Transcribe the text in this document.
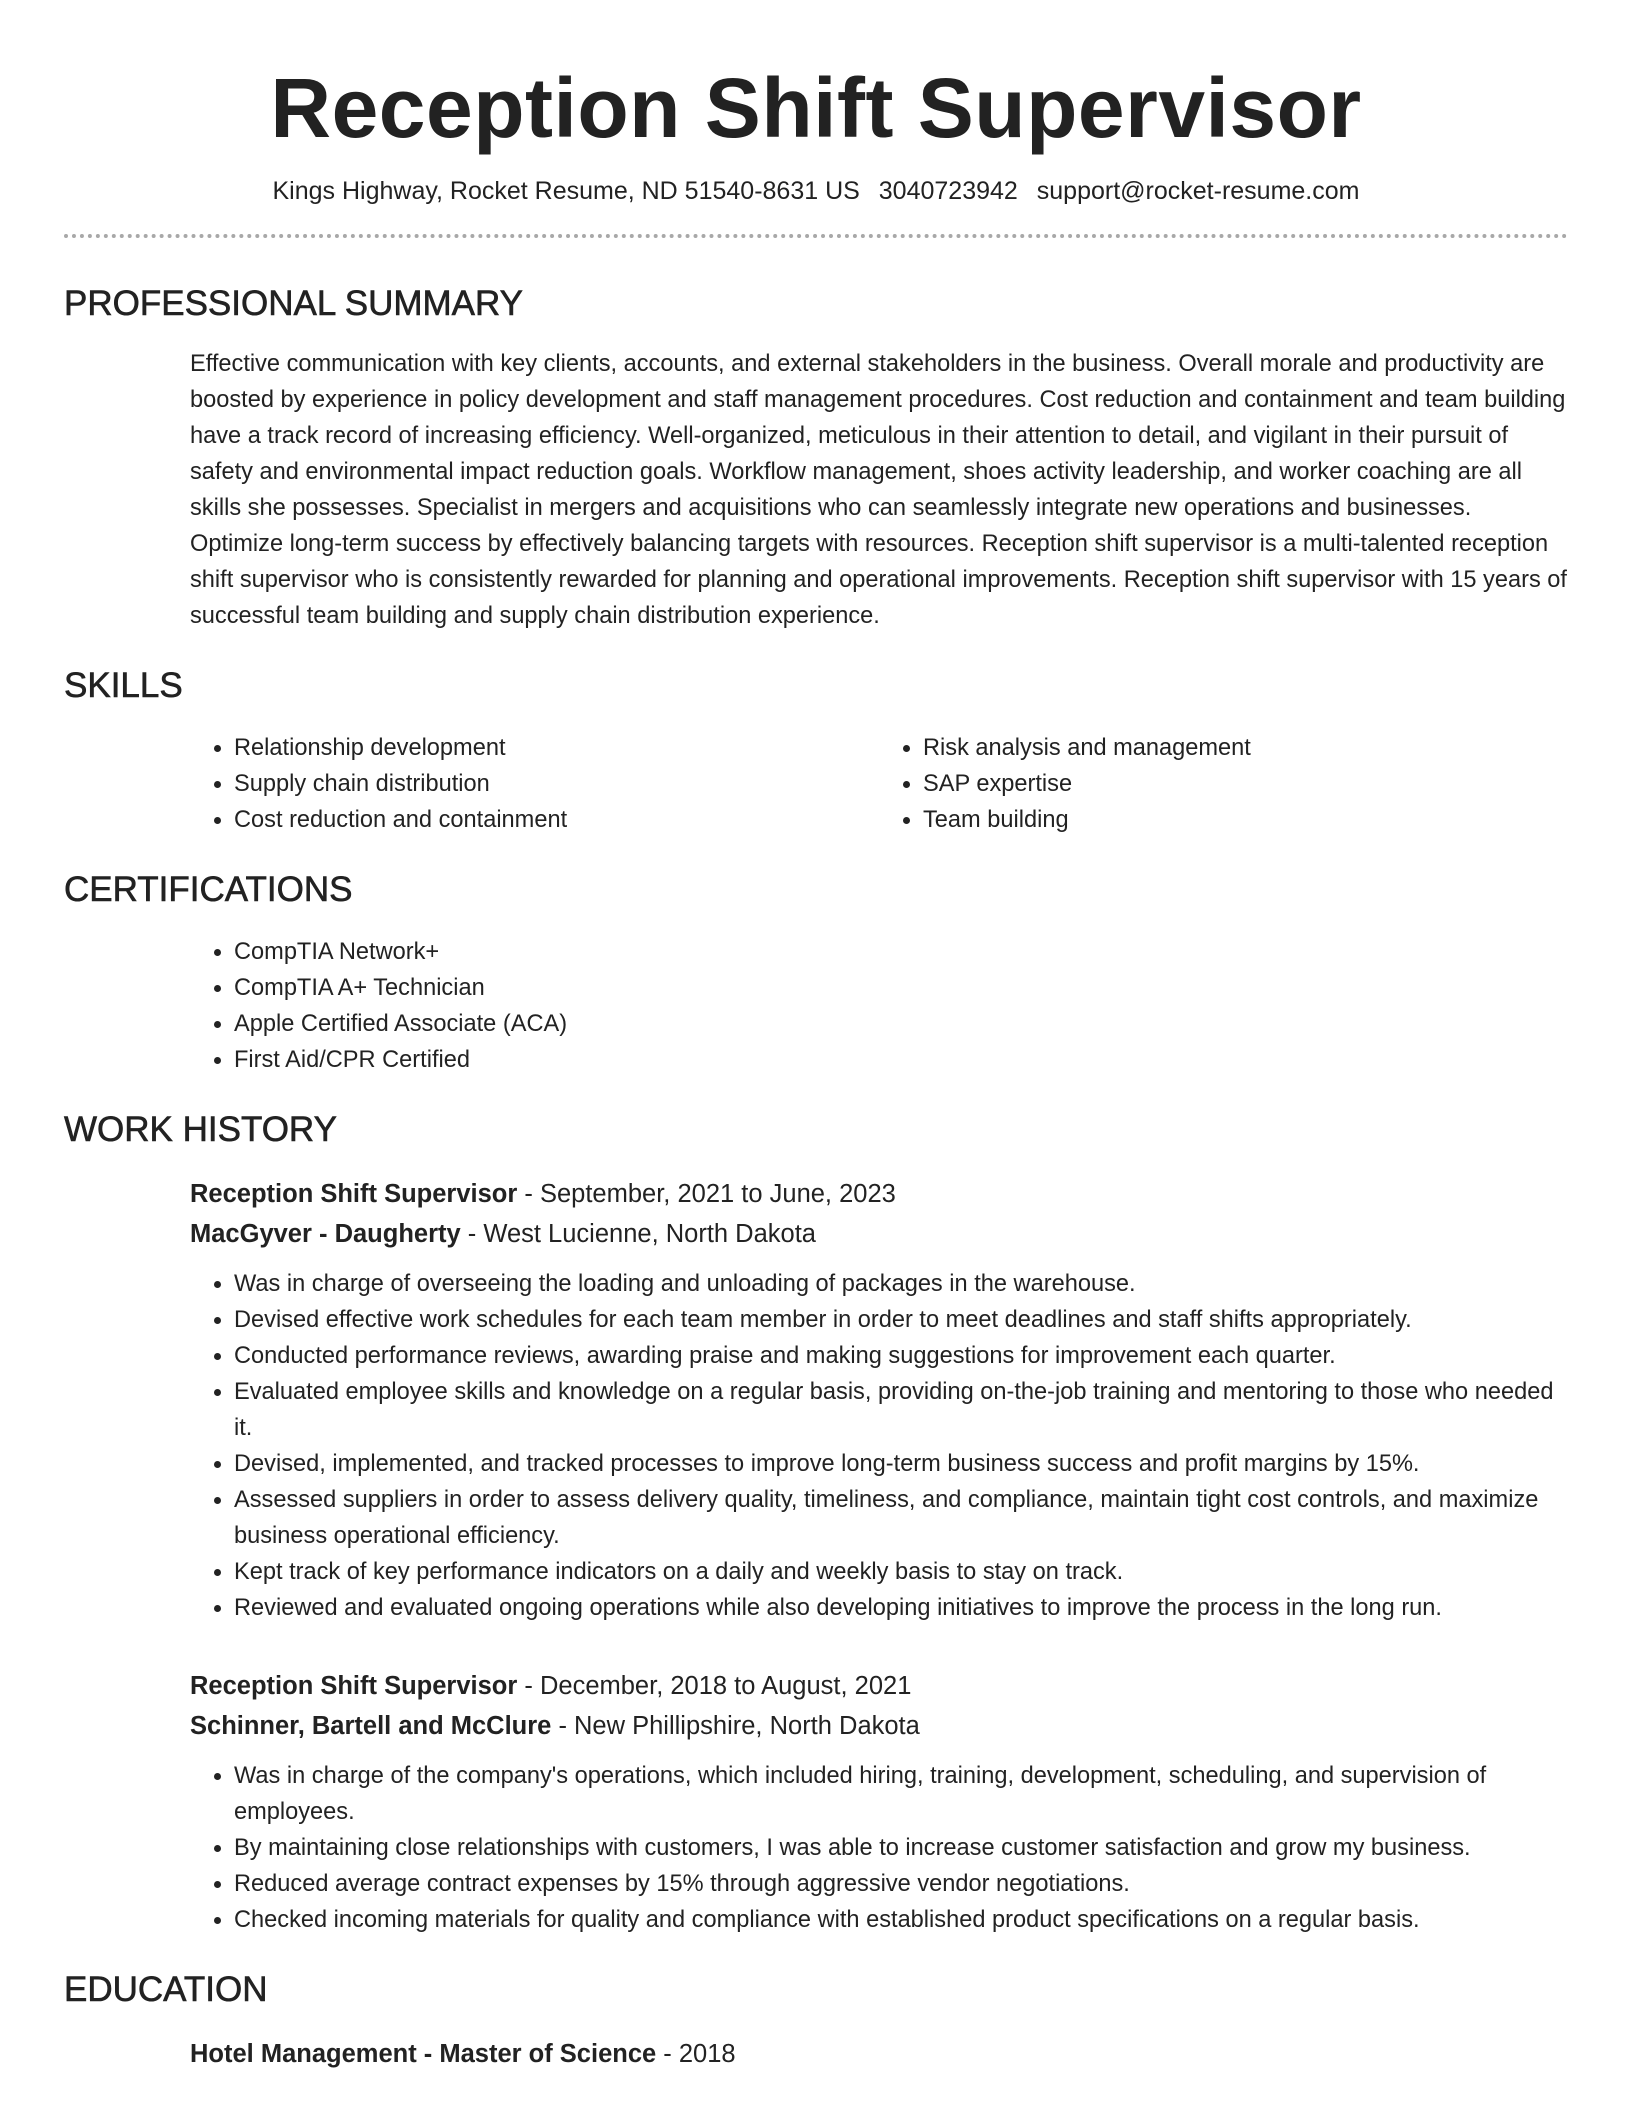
Reception Shift Supervisor
Kings Highway, Rocket Resume, ND 51540-8631 US 3040723942 support@rocket-resume.com
PROFESSIONAL SUMMARY
Effective communication with key clients, accounts, and external stakeholders in the business. Overall morale and productivity are boosted by experience in policy development and staff management procedures. Cost reduction and containment and team building have a track record of increasing efficiency. Well-organized, meticulous in their attention to detail, and vigilant in their pursuit of safety and environmental impact reduction goals. Workflow management, shoes activity leadership, and worker coaching are all skills she possesses. Specialist in mergers and acquisitions who can seamlessly integrate new operations and businesses. Optimize long-term success by effectively balancing targets with resources. Reception shift supervisor is a multi-talented reception shift supervisor who is consistently rewarded for planning and operational improvements. Reception shift supervisor with 15 years of successful team building and supply chain distribution experience.
SKILLS
• Relationship development
• Supply chain distribution
• Cost reduction and containment
• Risk analysis and management
• SAP expertise
• Team building
CERTIFICATIONS
• CompTIA Network+
• CompTIA A+ Technician
• Apple Certified Associate (ACA)
• First Aid/CPR Certified
WORK HISTORY
Reception Shift Supervisor - September, 2021 to June, 2023
MacGyver - Daugherty - West Lucienne, North Dakota
• Was in charge of overseeing the loading and unloading of packages in the warehouse.
• Devised effective work schedules for each team member in order to meet deadlines and staff shifts appropriately.
• Conducted performance reviews, awarding praise and making suggestions for improvement each quarter.
• Evaluated employee skills and knowledge on a regular basis, providing on-the-job training and mentoring to those who needed it.
• Devised, implemented, and tracked processes to improve long-term business success and profit margins by 15%.
• Assessed suppliers in order to assess delivery quality, timeliness, and compliance, maintain tight cost controls, and maximize business operational efficiency.
• Kept track of key performance indicators on a daily and weekly basis to stay on track.
• Reviewed and evaluated ongoing operations while also developing initiatives to improve the process in the long run.
Reception Shift Supervisor - December, 2018 to August, 2021
Schinner, Bartell and McClure - New Phillipshire, North Dakota
• Was in charge of the company's operations, which included hiring, training, development, scheduling, and supervision of employees.
• By maintaining close relationships with customers, I was able to increase customer satisfaction and grow my business.
• Reduced average contract expenses by 15% through aggressive vendor negotiations.
• Checked incoming materials for quality and compliance with established product specifications on a regular basis.
EDUCATION
Hotel Management - Master of Science - 2018
